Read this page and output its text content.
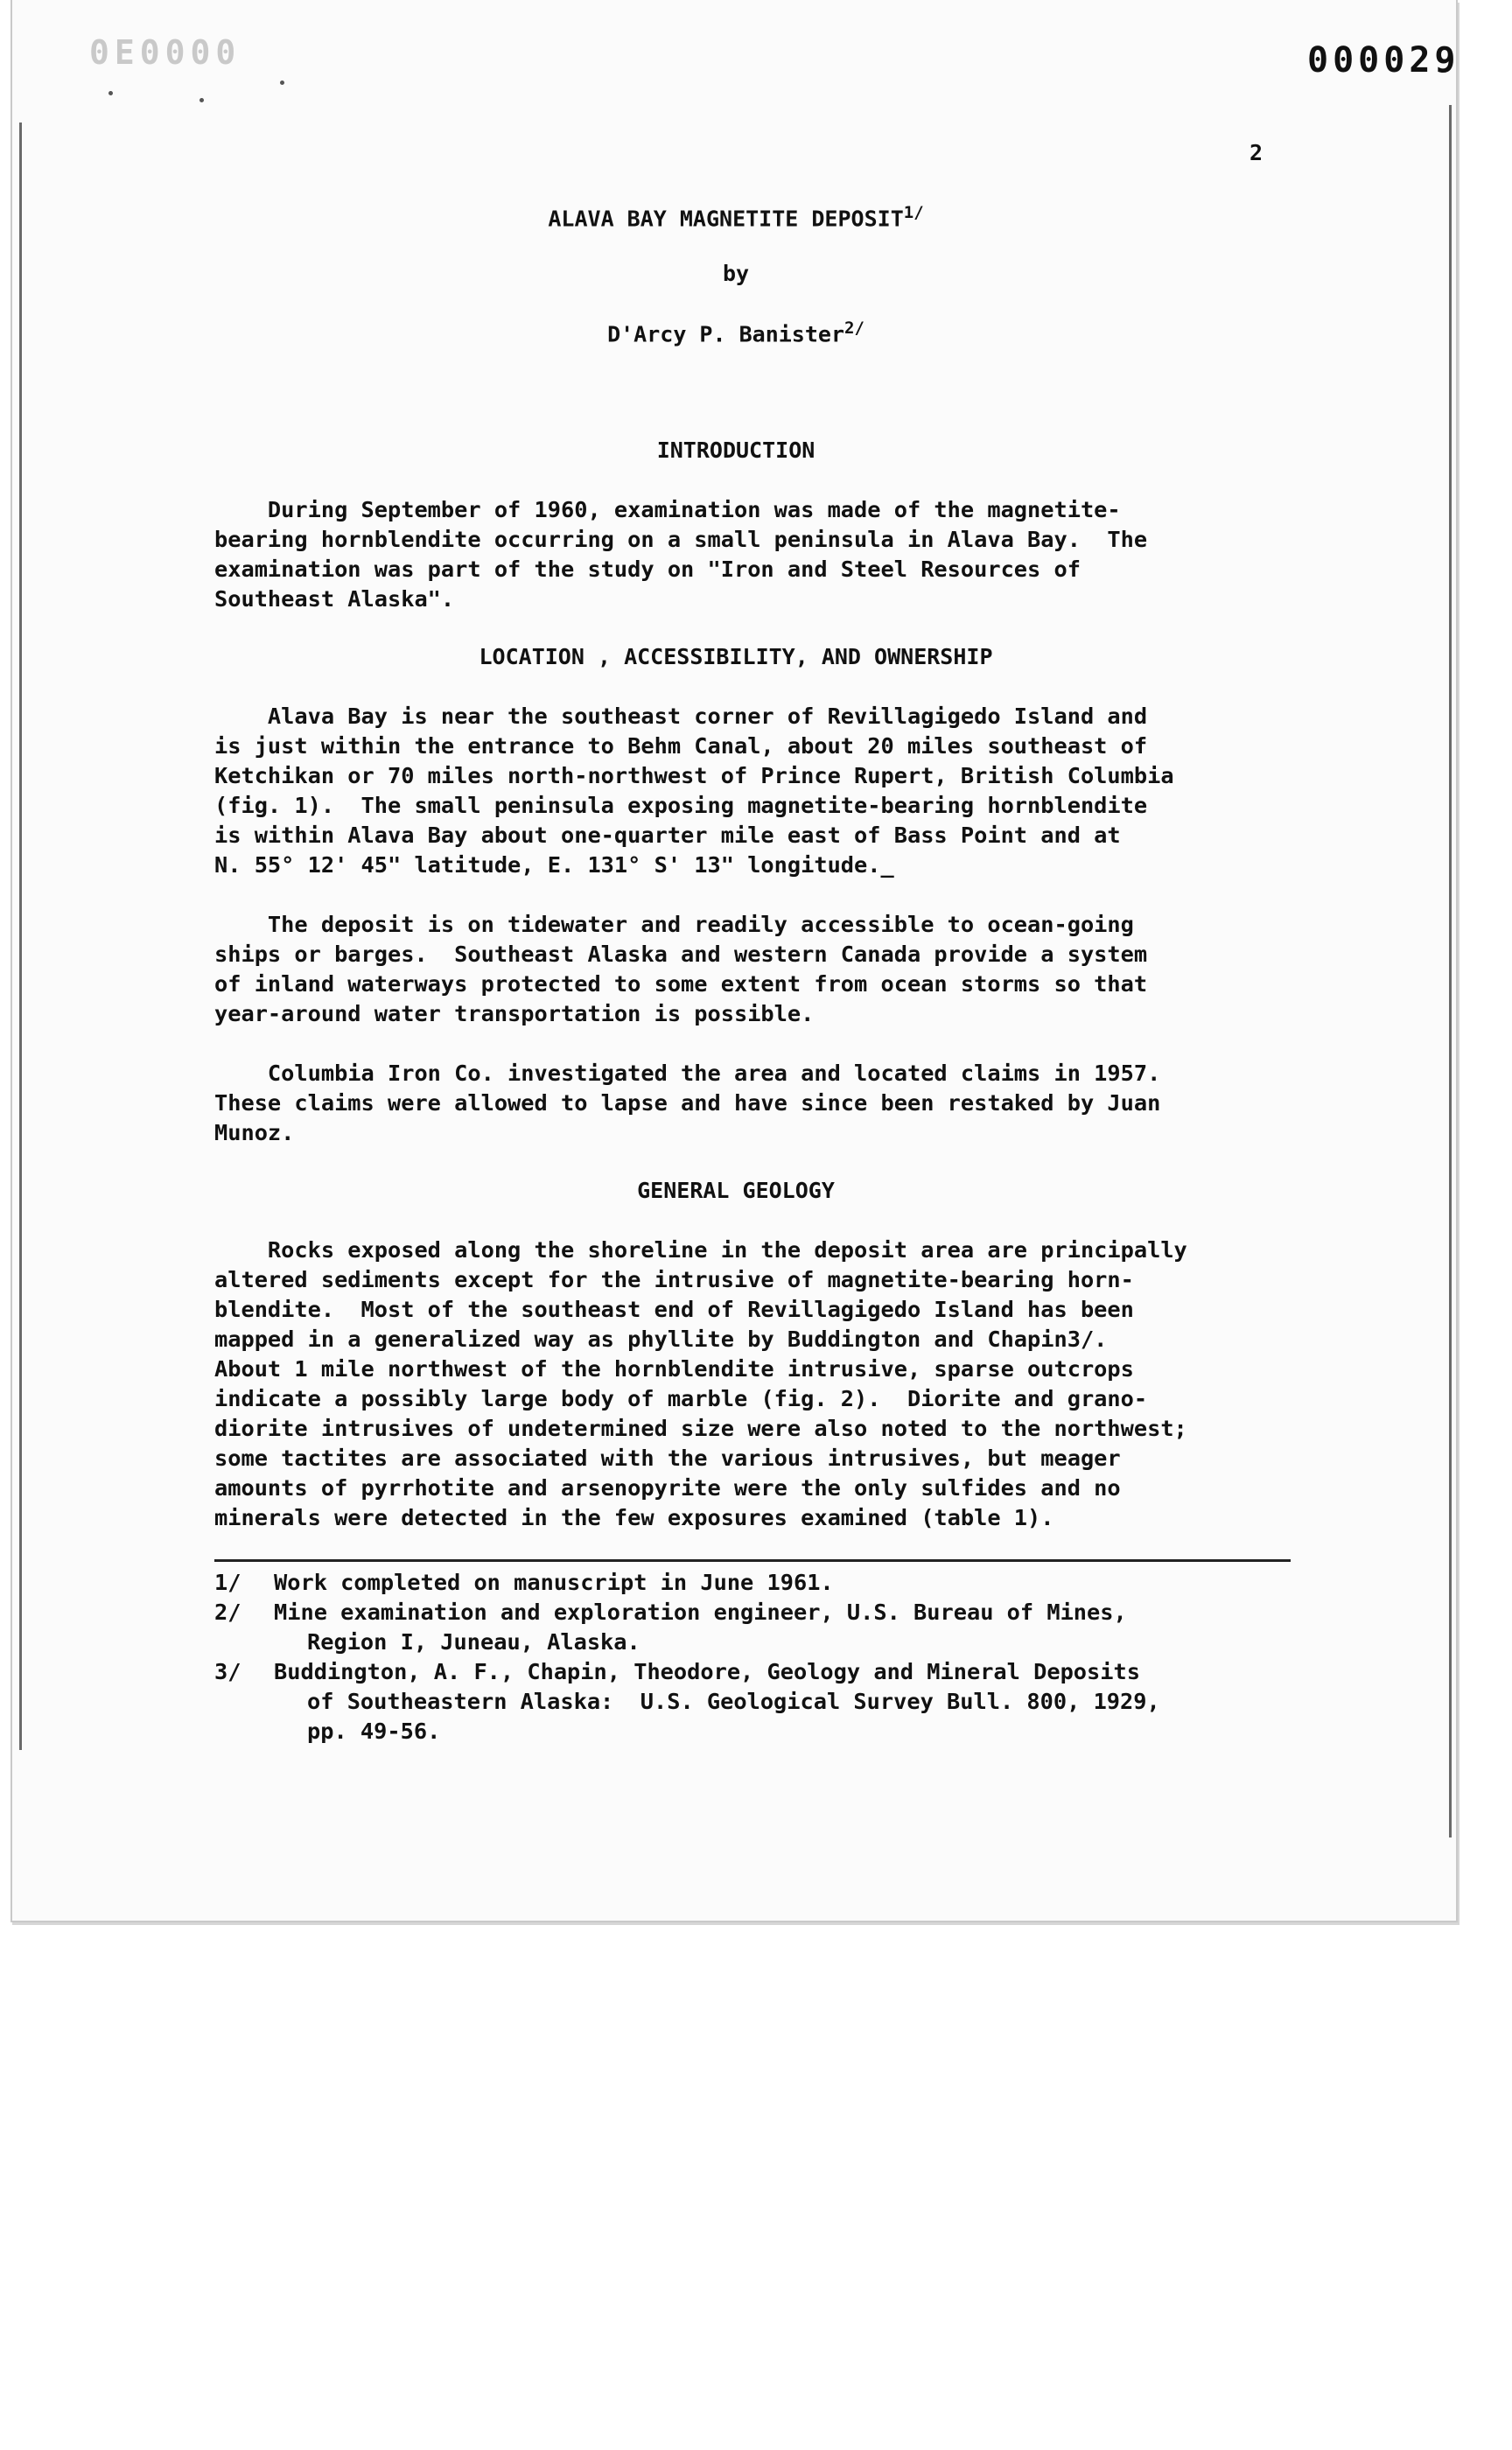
0E0000	000029
2
ALAVA BAY MAGNETITE $DEPOSIT^{1/}$
by
D'Arcy P. Banister$^{2/}$
INTRODUCTION
During September of 1960, examination was made of the magnetite-
bearing hornblendite occurring on a small peninsula in Alava Bay.  The
examination was part of the study on "Iron and Steel Resources of
Southeast Alaska".
LOCATION , ACCESSIBILITY, AND OWNERSHIP
Alava Bay is near the southeast corner of Revillagigedo Island and
is just within the entrance to Behm Canal, about 20 miles southeast of
Ketchikan or 70 miles north-northwest of Prince Rupert, British Columbia
(fig. 1).  The small peninsula exposing magnetite-bearing hornblendite
is within Alava Bay about one-quarter mile east of Bass Point and at
N. 55° 12' 45" latitude, E. 131° S' 13" longitude._
The deposit is on tidewater and readily accessible to ocean-going
ships or barges.  Southeast Alaska and western Canada provide a system
of inland waterways protected to some extent from ocean storms so that
year-around water transportation is possible.
Columbia Iron Co. investigated the area and located claims in 1957.
These claims were allowed to lapse and have since been restaked by Juan
Munoz.
GENERAL GEOLOGY
Rocks exposed along the shoreline in the deposit area are principally
altered sediments except for the intrusive of magnetite-bearing horn-
blendite.  Most of the southeast end of Revillagigedo Island has been
mapped in a generalized way as phyllite by Buddington and Chapin3/.
About 1 mile northwest of the hornblendite intrusive, sparse outcrops
indicate a possibly large body of marble (fig. 2).  Diorite and grano-
diorite intrusives of undetermined size were also noted to the northwest;
some tactites are associated with the various intrusives, but meager
amounts of pyrrhotite and arsenopyrite were the only sulfides and no
minerals were detected in the few exposures examined (table 1).
1/ Work completed on manuscript in June 1961.
2/ Mine examination and exploration engineer, U.S. Bureau of Mines,
Region I, Juneau, Alaska.
3/ Buddington, A. F., Chapin, Theodore, Geology and Mineral Deposits
of Southeastern Alaska:  U.S. Geological Survey Bull. 800, 1929,
pp. 49-56.
